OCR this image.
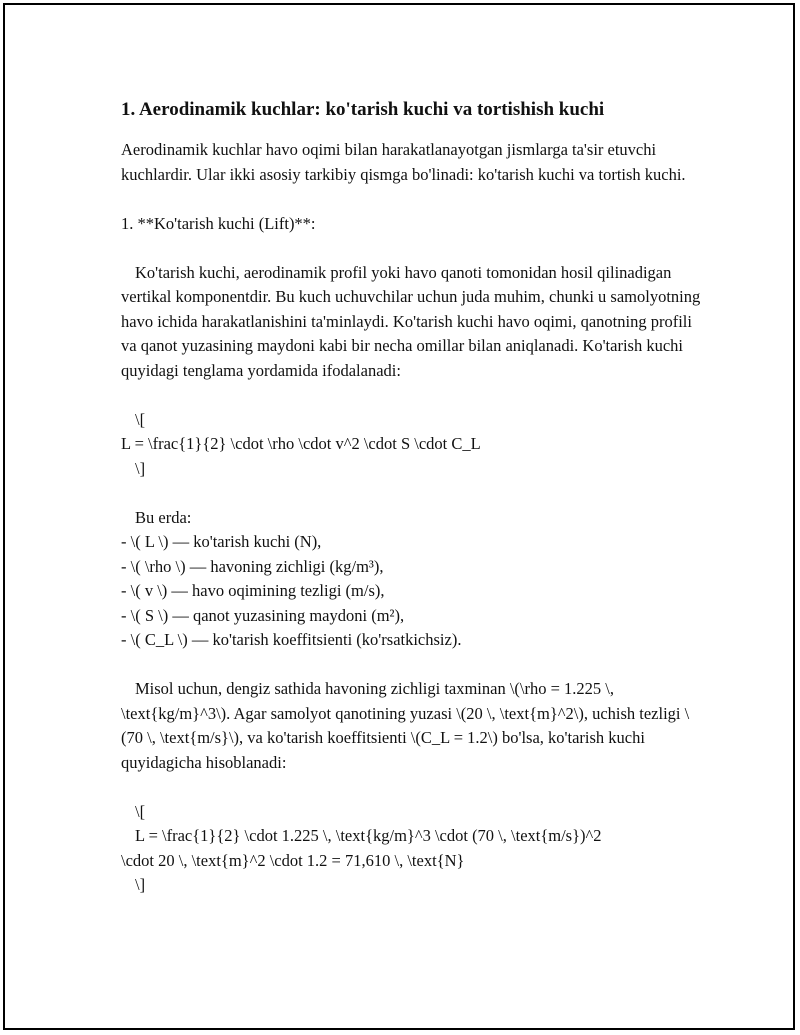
1. Aerodinamik kuchlar: ko'tarish kuchi va tortishish kuchi

Aerodinamik kuchlar havo oqimi bilan harakatlanayotgan jismlarga ta'sir etuvchi kuchlardir. Ular ikki asosiy tarkibiy qismga bo'linadi: ko'tarish kuchi va tortish kuchi.

1. **Ko'tarish kuchi (Lift)**:

Ko'tarish kuchi, aerodinamik profil yoki havo qanoti tomonidan hosil qilinadigan vertikal komponentdir. Bu kuch uchuvchilar uchun juda muhim, chunki u samolyotning havo ichida harakatlanishini ta'minlaydi. Ko'tarish kuchi havo oqimi, qanotning profili va qanot yuzasining maydoni kabi bir necha omillar bilan aniqlanadi. Ko'tarish kuchi quyidagi tenglama yordamida ifodalanadi:

\[
L = \frac{1}{2} \cdot \rho \cdot v^2 \cdot S \cdot C_L
\]
Bu erda:
- \( L \) — ko'tarish kuchi (N),
- \( \rho \) — havoning zichligi (kg/m³),
- \( v \) — havo oqimining tezligi (m/s),
- \( S \) — qanot yuzasining maydoni (m²),
- \( C_L \) — ko'tarish koeffitsienti (ko'rsatkichsiz).

Misol uchun, dengiz sathida havoning zichligi taxminan \(\rho = 1.225 \, \text{kg/m}^3\). Agar samolyot qanotining yuzasi \(20 \, \text{m}^2\), uchish tezligi \(70 \, \text{m/s}\), va ko'tarish koeffitsienti \(C_L = 1.2\) bo'lsa, ko'tarish kuchi quyidagicha hisoblanadi:

\[
L = \frac{1}{2} \cdot 1.225 \, \text{kg/m}^3 \cdot (70 \, \text{m/s})^2
\cdot 20 \, \text{m}^2 \cdot 1.2 = 71,610 \, \text{N}
\]
